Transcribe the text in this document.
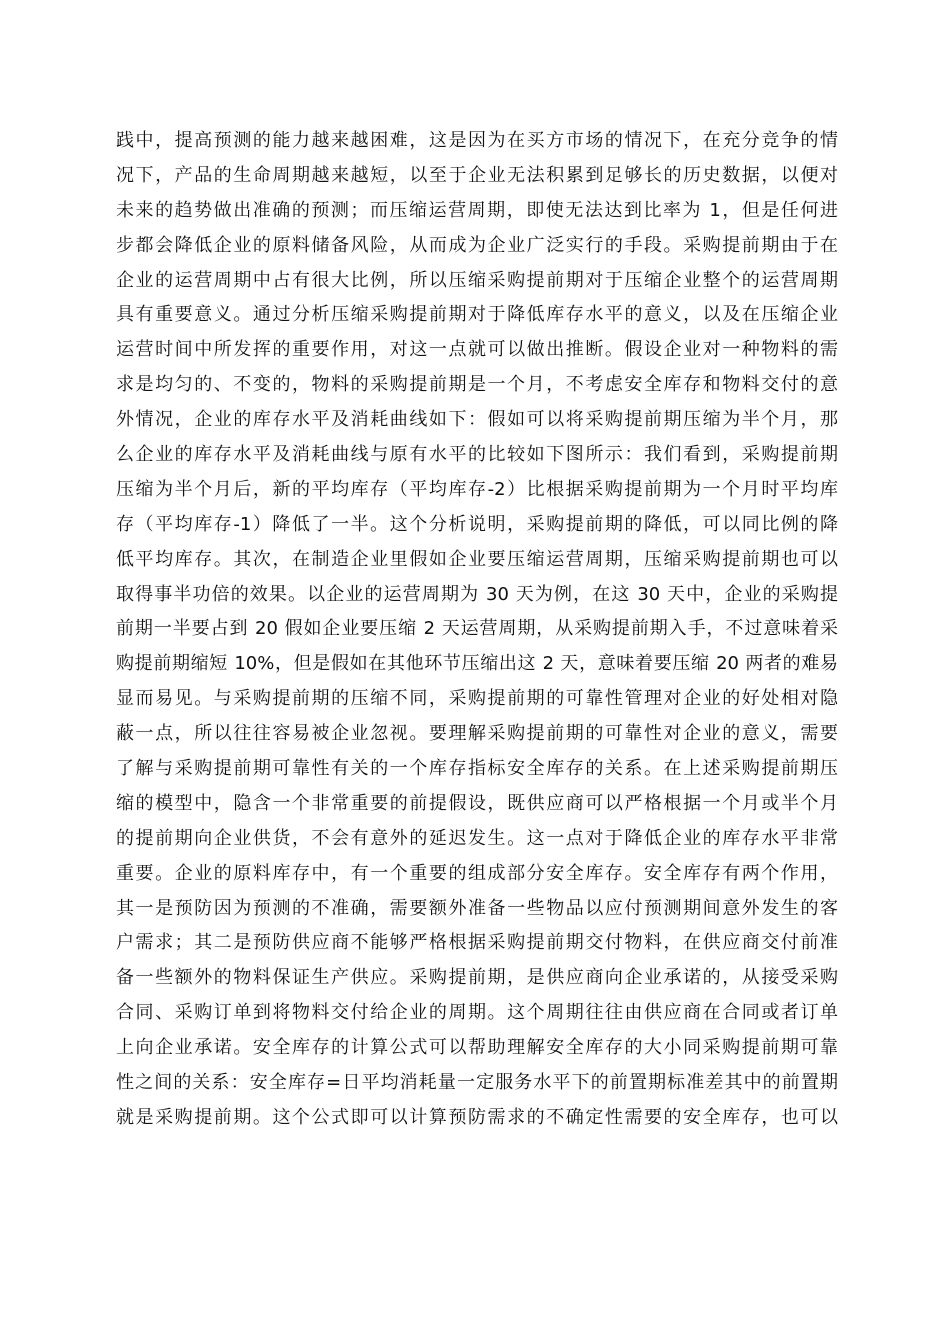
践中，提高预测的能力越来越困难，这是因为在买方市场的情况下，在充分竞争的情
况下，产品的生命周期越来越短，以至于企业无法积累到足够长的历史数据，以便对
未来的趋势做出准确的预测；而压缩运营周期，即使无法达到比率为 1，但是任何进
步都会降低企业的原料储备风险，从而成为企业广泛实行的手段。采购提前期由于在
企业的运营周期中占有很大比例，所以压缩采购提前期对于压缩企业整个的运营周期
具有重要意义。通过分析压缩采购提前期对于降低库存水平的意义，以及在压缩企业
运营时间中所发挥的重要作用，对这一点就可以做出推断。假设企业对一种物料的需
求是均匀的、不变的，物料的采购提前期是一个月，不考虑安全库存和物料交付的意
外情况，企业的库存水平及消耗曲线如下：假如可以将采购提前期压缩为半个月，那
么企业的库存水平及消耗曲线与原有水平的比较如下图所示：我们看到，采购提前期
压缩为半个月后，新的平均库存（平均库存-2）比根据采购提前期为一个月时平均库
存（平均库存-1）降低了一半。这个分析说明，采购提前期的降低，可以同比例的降
低平均库存。其次，在制造企业里假如企业要压缩运营周期，压缩采购提前期也可以
取得事半功倍的效果。以企业的运营周期为 30 天为例，在这 30 天中，企业的采购提
前期一半要占到 20 假如企业要压缩 2 天运营周期，从采购提前期入手，不过意味着采
购提前期缩短 10%，但是假如在其他环节压缩出这 2 天，意味着要压缩 20 两者的难易
显而易见。与采购提前期的压缩不同，采购提前期的可靠性管理对企业的好处相对隐
蔽一点，所以往往容易被企业忽视。要理解采购提前期的可靠性对企业的意义，需要
了解与采购提前期可靠性有关的一个库存指标安全库存的关系。在上述采购提前期压
缩的模型中，隐含一个非常重要的前提假设，既供应商可以严格根据一个月或半个月
的提前期向企业供货，不会有意外的延迟发生。这一点对于降低企业的库存水平非常
重要。企业的原料库存中，有一个重要的组成部分安全库存。安全库存有两个作用，
其一是预防因为预测的不准确，需要额外准备一些物品以应付预测期间意外发生的客
户需求；其二是预防供应商不能够严格根据采购提前期交付物料，在供应商交付前准
备一些额外的物料保证生产供应。采购提前期，是供应商向企业承诺的，从接受采购
合同、采购订单到将物料交付给企业的周期。这个周期往往由供应商在合同或者订单
上向企业承诺。安全库存的计算公式可以帮助理解安全库存的大小同采购提前期可靠
性之间的关系：安全库存=日平均消耗量一定服务水平下的前置期标准差其中的前置期
就是采购提前期。这个公式即可以计算预防需求的不确定性需要的安全库存，也可以
